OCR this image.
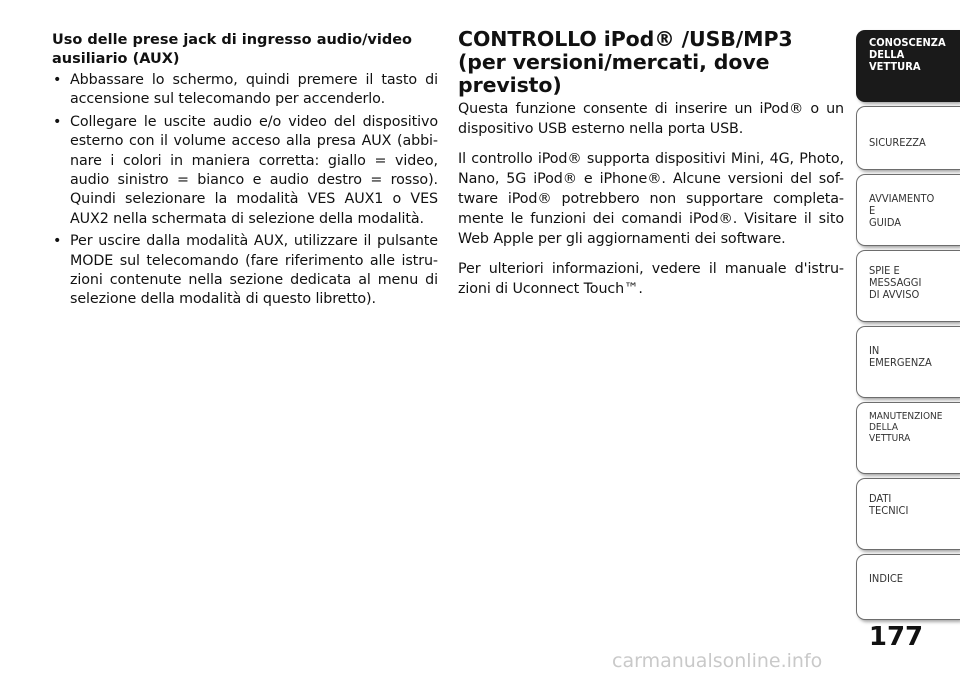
Uso delle prese jack di ingresso audio/video
ausiliario (AUX)
• Abbassare lo schermo, quindi premere il tasto di accensione sul telecomando per accenderlo.
• Collegare le uscite audio e/o video del dispositivo esterno con il volume acceso alla presa AUX (abbi- nare i colori in maniera corretta: giallo = video, audio sinistro = bianco e audio destro = rosso). Quindi selezionare la modalità VES AUX1 o VES AUX2 nella schermata di selezione della modalità.
• Per uscire dalla modalità AUX, utilizzare il pulsante MODE sul telecomando (fare riferimento alle istru- zioni contenute nella sezione dedicata al menu di selezione della modalità di questo libretto).
CONTROLLO iPod® /USB/MP3 (per versioni/mercati, dove previsto)

Questa funzione consente di inserire un iPod® o un dispositivo USB esterno nella porta USB.

Il controllo iPod® supporta dispositivi Mini, 4G, Photo, Nano, 5G iPod® e iPhone®. Alcune versioni del sof- tware iPod® potrebbero non supportare completa- mente le funzioni dei comandi iPod®. Visitare il sito Web Apple per gli aggiornamenti dei software.

Per ulteriori informazioni, vedere il manuale d'istru- zioni di Uconnect Touch™.

CONOSCENZA
DELLA
VETTURA
SICUREZZA
AVVIAMENTO
E
GUIDA
SPIE E
MESSAGGI
DI AVVISO
IN
EMERGENZA
MANUTENZIONE
DELLA
VETTURA
DATI
TECNICI
INDICE
177
carmanualsonline.info
